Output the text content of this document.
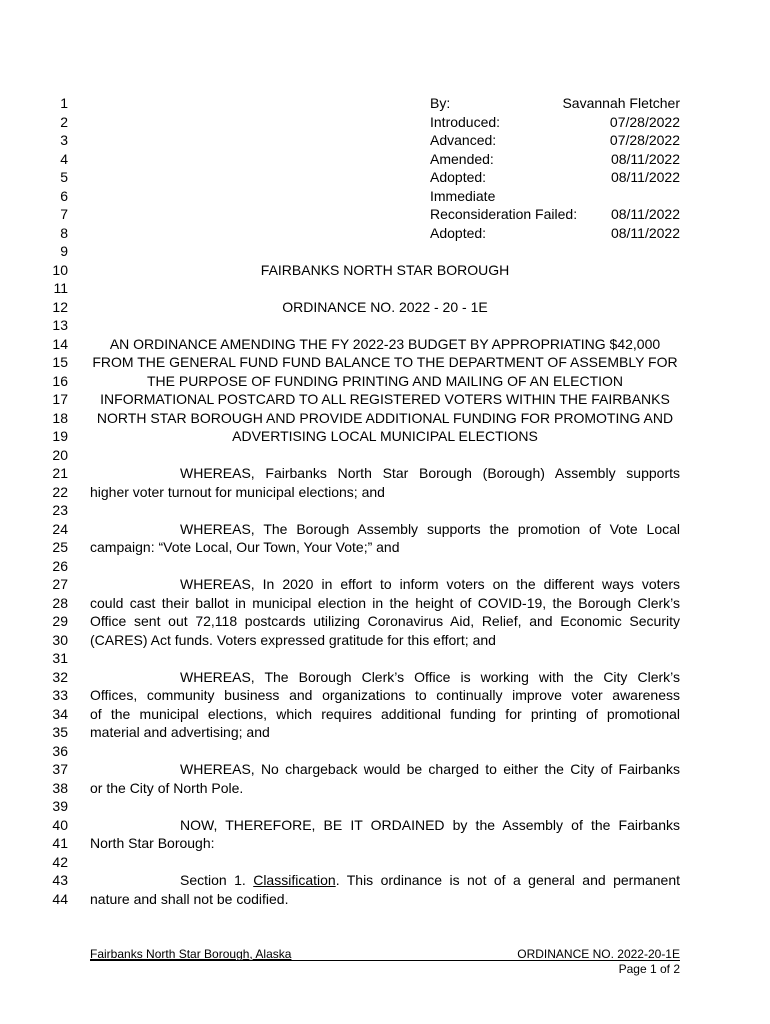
1
2
3
4
5
6
7
8
9
10
11
12
13
14
15
16
17
18
19
20
21
22
23
24
25
26
27
28
29
30
31
32
33
34
35
36
37
38
39
40
41
42
43
44
By:	Savannah Fletcher
Introduced:	07/28/2022
Advanced:	07/28/2022
Amended:	08/11/2022
Adopted:	08/11/2022
Immediate
Reconsideration Failed: 08/11/2022
Adopted:	08/11/2022
FAIRBANKS NORTH STAR BOROUGH
ORDINANCE NO. 2022 - 20 - 1E
AN ORDINANCE AMENDING THE FY 2022-23 BUDGET BY APPROPRIATING $42,000
FROM THE GENERAL FUND FUND BALANCE TO THE DEPARTMENT OF ASSEMBLY FOR
THE PURPOSE OF FUNDING PRINTING AND MAILING OF AN ELECTION
INFORMATIONAL POSTCARD TO ALL REGISTERED VOTERS WITHIN THE FAIRBANKS
NORTH STAR BOROUGH AND PROVIDE ADDITIONAL FUNDING FOR PROMOTING AND
ADVERTISING LOCAL MUNICIPAL ELECTIONS
WHEREAS, Fairbanks North Star Borough (Borough) Assembly supports
higher voter turnout for municipal elections; and
WHEREAS, The Borough Assembly supports the promotion of Vote Local
campaign: “Vote Local, Our Town, Your Vote;” and
WHEREAS, In 2020 in effort to inform voters on the different ways voters
could cast their ballot in municipal election in the height of COVID-19, the Borough Clerk’s
Office sent out 72,118 postcards utilizing Coronavirus Aid, Relief, and Economic Security
(CARES) Act funds. Voters expressed gratitude for this effort; and
WHEREAS, The Borough Clerk’s Office is working with the City Clerk’s
Offices, community business and organizations to continually improve voter awareness
of the municipal elections, which requires additional funding for printing of promotional
material and advertising; and
WHEREAS, No chargeback would be charged to either the City of Fairbanks
or the City of North Pole.
NOW, THEREFORE, BE IT ORDAINED by the Assembly of the Fairbanks
North Star Borough:
Section 1. Classification. This ordinance is not of a general and permanent
nature and shall not be codified.
Fairbanks North Star Borough, Alaska	ORDINANCE NO. 2022-20-1E
Page 1 of 2
